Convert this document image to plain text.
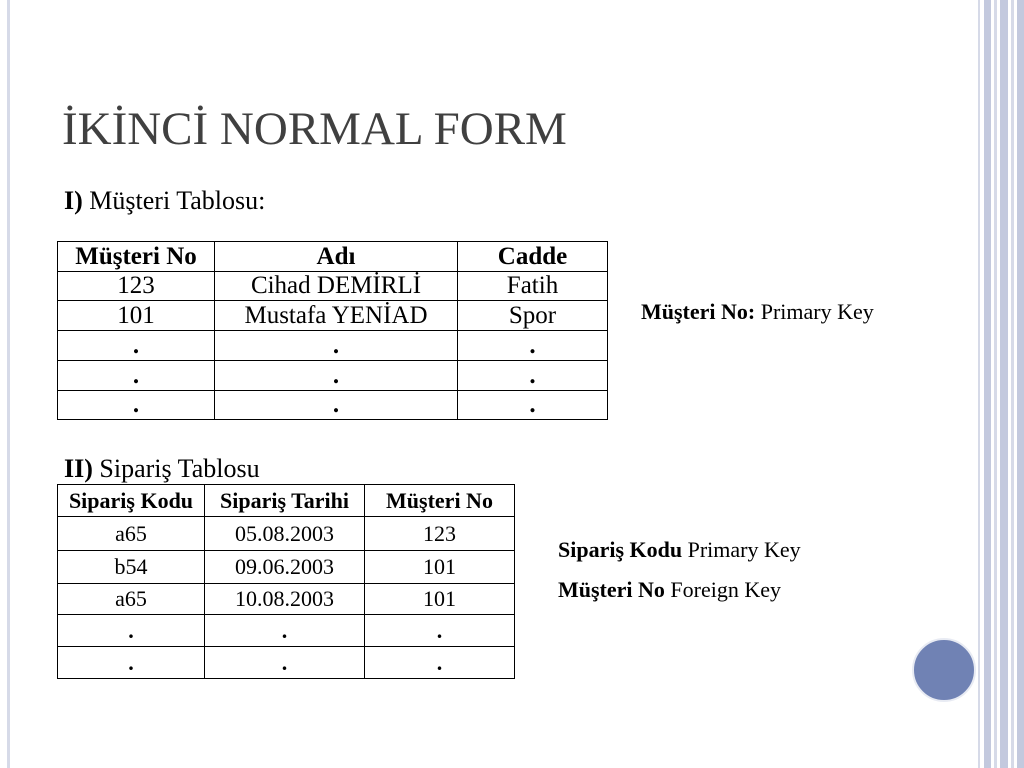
İKİNCİ NORMAL FORM
I) Müşteri Tablosu:
Müşteri No	Adı	Cadde
123	Cihad DEMİRLİ	Fatih
101	Mustafa YENİAD	Spor
.	.	.
.	.	.
.	.	.
Müşteri No: Primary Key
II) Sipariş Tablosu
Sipariş Kodu	Sipariş Tarihi	Müşteri No
a65	05.08.2003	123
b54	09.06.2003	101
a65	10.08.2003	101
.	.	.
.	.	.
Sipariş Kodu Primary Key
Müşteri No Foreign Key
